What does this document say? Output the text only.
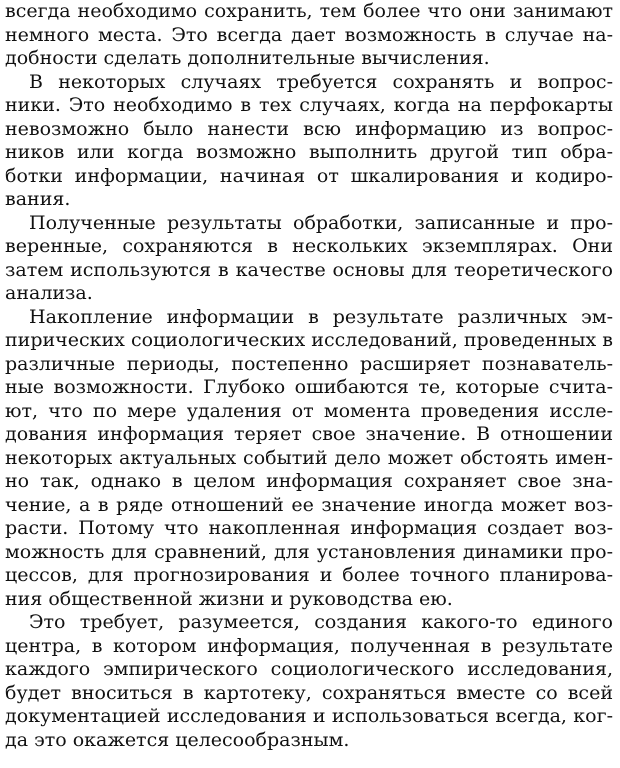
всегда необходимо сохранить, тем более что они занимают
немного места. Это всегда дает возможность в случае на-
добности сделать дополнительные вычисления.
В некоторых случаях требуется сохранять и вопрос-
ники. Это необходимо в тех случаях, когда на перфокарты
невозможно было нанести всю информацию из вопрос-
ников или когда возможно выполнить другой тип обра-
ботки информации, начиная от шкалирования и кодиро-
вания.
Полученные результаты обработки, записанные и про-
веренные, сохраняются в нескольких экземплярах. Они
затем используются в качестве основы для теоретического
анализа.
Накопление информации в результате различных эм-
пирических социологических исследований, проведенных в
различные периоды, постепенно расширяет познаватель-
ные возможности. Глубоко ошибаются те, которые счита-
ют, что по мере удаления от момента проведения иссле-
дования информация теряет свое значение. В отношении
некоторых актуальных событий дело может обстоять имен-
но так, однако в целом информация сохраняет свое зна-
чение, а в ряде отношений ее значение иногда может воз-
расти. Потому что накопленная информация создает воз-
можность для сравнений, для установления динамики про-
цессов, для прогнозирования и более точного планирова-
ния общественной жизни и руководства ею.
Это требует, разумеется, создания какого-то единого
центра, в котором информация, полученная в результате
каждого эмпирического социологического исследования,
будет вноситься в картотеку, сохраняться вместе со всей
документацией исследования и использоваться всегда, ког-
да это окажется целесообразным.
